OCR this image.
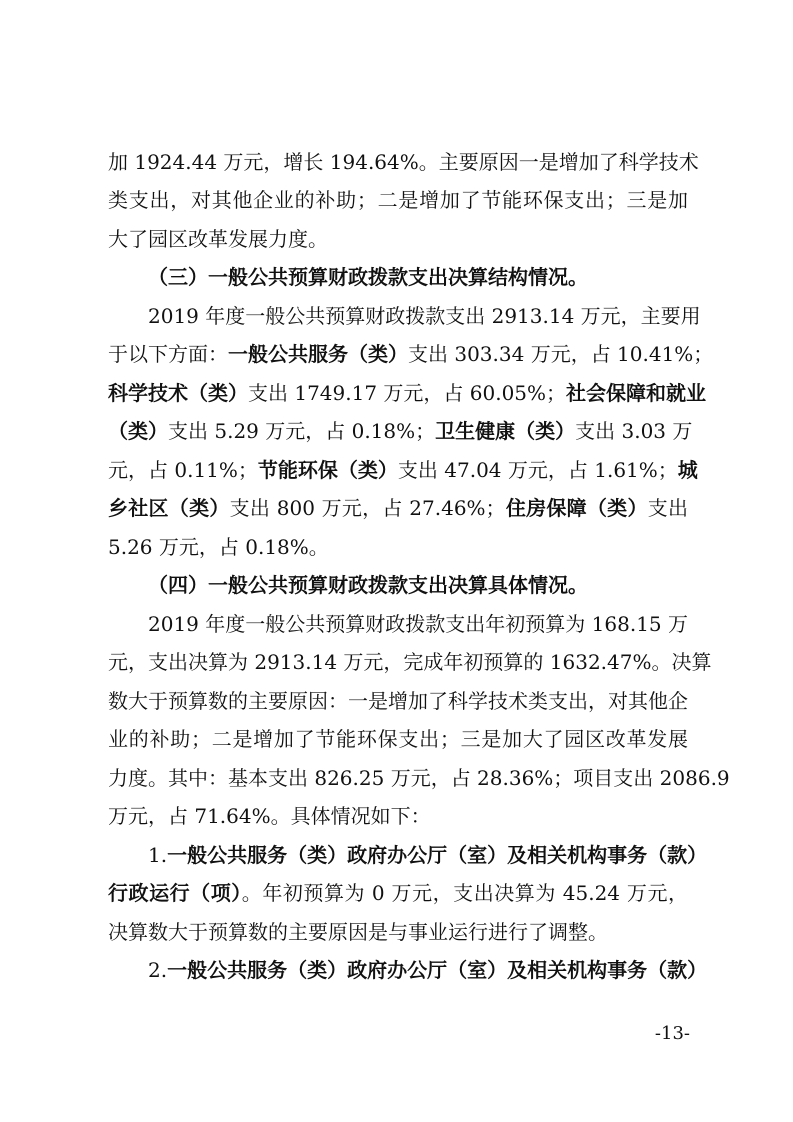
加 1924.44 万元，增长 194.64%。主要原因一是增加了科学技术
类支出，对其他企业的补助；二是增加了节能环保支出；三是加
大了园区改革发展力度。
（三）一般公共预算财政拨款支出决算结构情况。
2019 年度一般公共预算财政拨款支出 2913.14 万元，主要用
于以下方面：一般公共服务（类）支出 303.34 万元，占 10.41%；
科学技术（类）支出 1749.17 万元，占 60.05%；社会保障和就业
（类）支出 5.29 万元，占 0.18%；卫生健康（类）支出 3.03 万
元，占 0.11%；节能环保（类）支出 47.04 万元，占 1.61%；城
乡社区（类）支出 800 万元，占 27.46%；住房保障（类）支出
5.26 万元，占 0.18%。
（四）一般公共预算财政拨款支出决算具体情况。
2019 年度一般公共预算财政拨款支出年初预算为 168.15 万
元，支出决算为 2913.14 万元，完成年初预算的 1632.47%。决算
数大于预算数的主要原因：一是增加了科学技术类支出，对其他企
业的补助；二是增加了节能环保支出；三是加大了园区改革发展
力度。其中：基本支出 826.25 万元，占 28.36%；项目支出 2086.9
万元，占 71.64%。具体情况如下：
1.一般公共服务（类）政府办公厅（室）及相关机构事务（款）
行政运行（项）。年初预算为 0 万元，支出决算为 45.24 万元，
决算数大于预算数的主要原因是与事业运行进行了调整。
2.一般公共服务（类）政府办公厅（室）及相关机构事务（款）
-13-
